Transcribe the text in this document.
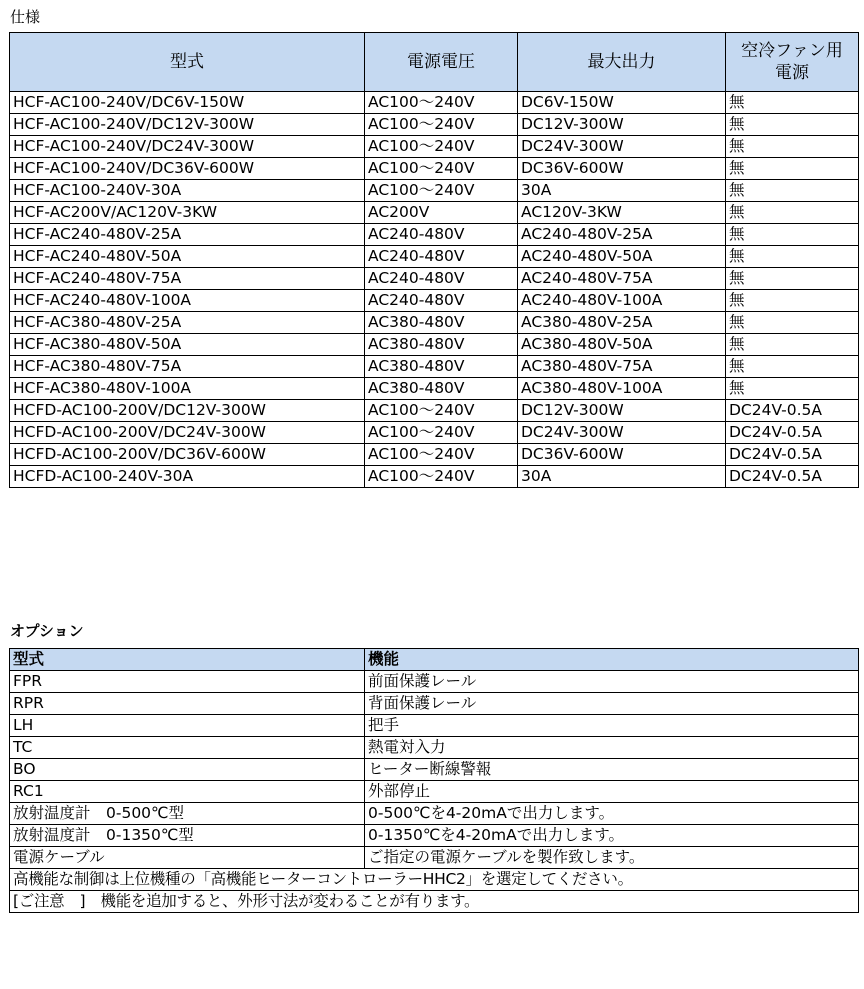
仕様
型式	電源電圧	最大出力	空冷ファン用
電源
HCF-AC100-240V/DC6V-150W	AC100～240V	DC6V-150W	無
HCF-AC100-240V/DC12V-300W	AC100～240V	DC12V-300W	無
HCF-AC100-240V/DC24V-300W	AC100～240V	DC24V-300W	無
HCF-AC100-240V/DC36V-600W	AC100～240V	DC36V-600W	無
HCF-AC100-240V-30A	AC100～240V	30A	無
HCF-AC200V/AC120V-3KW	AC200V	AC120V-3KW	無
HCF-AC240-480V-25A	AC240-480V	AC240-480V-25A	無
HCF-AC240-480V-50A	AC240-480V	AC240-480V-50A	無
HCF-AC240-480V-75A	AC240-480V	AC240-480V-75A	無
HCF-AC240-480V-100A	AC240-480V	AC240-480V-100A	無
HCF-AC380-480V-25A	AC380-480V	AC380-480V-25A	無
HCF-AC380-480V-50A	AC380-480V	AC380-480V-50A	無
HCF-AC380-480V-75A	AC380-480V	AC380-480V-75A	無
HCF-AC380-480V-100A	AC380-480V	AC380-480V-100A	無
HCFD-AC100-200V/DC12V-300W	AC100～240V	DC12V-300W	DC24V-0.5A
HCFD-AC100-200V/DC24V-300W	AC100～240V	DC24V-300W	DC24V-0.5A
HCFD-AC100-200V/DC36V-600W	AC100～240V	DC36V-600W	DC24V-0.5A
HCFD-AC100-240V-30A	AC100～240V	30A	DC24V-0.5A
オプション
型式	機能
FPR	前面保護レール
RPR	背面保護レール
LH	把手
TC	熱電対入力
BO	ヒーター断線警報
RC1	外部停止
放射温度計　0-500℃型	0-500℃を4-20mAで出力します。
放射温度計　0-1350℃型	0-1350℃を4-20mAで出力します。
電源ケーブル	ご指定の電源ケーブルを製作致します。
高機能な制御は上位機種の「高機能ヒーターコントローラーHHC2」を選定してください。	
[ご注意　]　機能を追加すると、外形寸法が変わることが有ります。	
